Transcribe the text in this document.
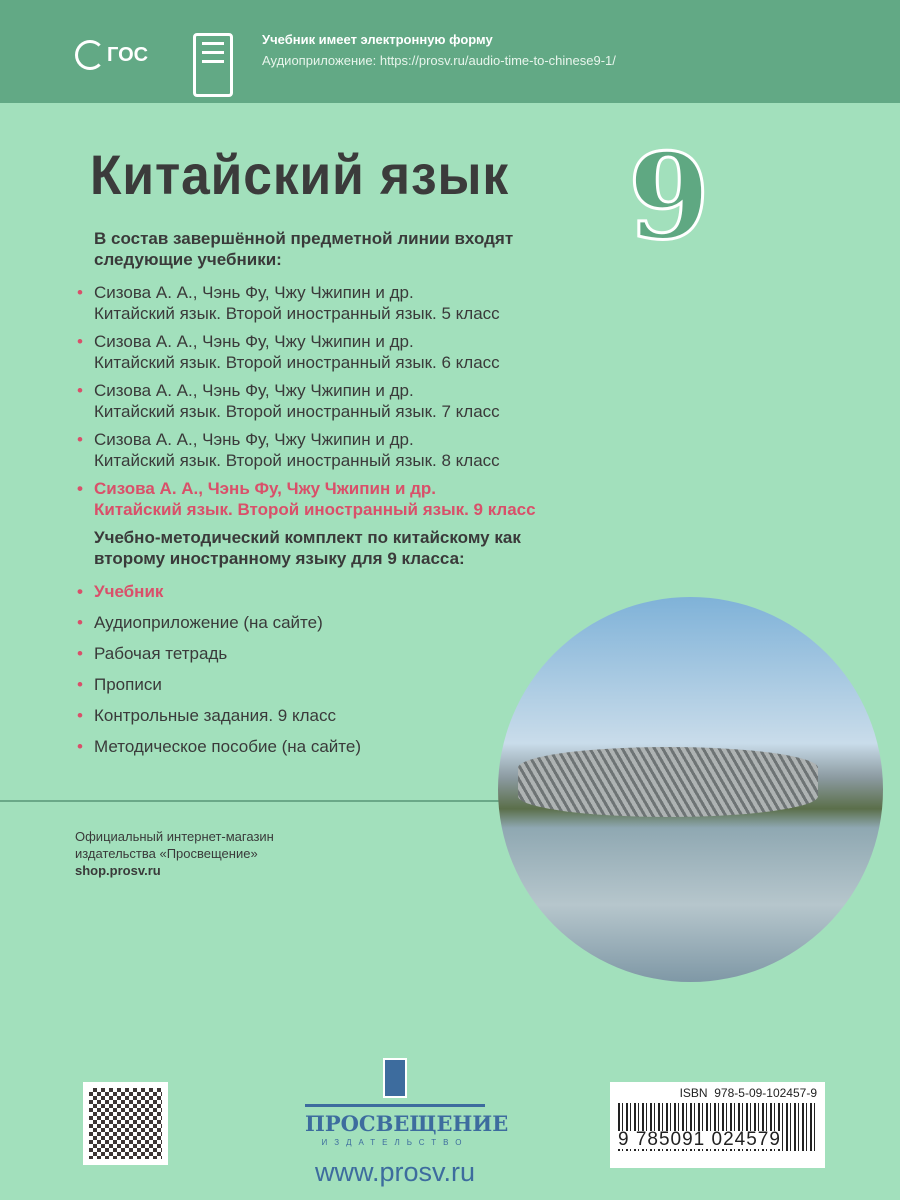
ГОС
Учебник имеет электронную форму
Аудиоприложение: https://prosv.ru/audio-time-to-chinese9-1/
Китайский язык 9
В состав завершённой предметной линии входят следующие учебники:
• Сизова А. А., Чэнь Фу, Чжу Чжипин и др.
Китайский язык. Второй иностранный язык. 5 класс
• Сизова А. А., Чэнь Фу, Чжу Чжипин и др.
Китайский язык. Второй иностранный язык. 6 класс
• Сизова А. А., Чэнь Фу, Чжу Чжипин и др.
Китайский язык. Второй иностранный язык. 7 класс
• Сизова А. А., Чэнь Фу, Чжу Чжипин и др.
Китайский язык. Второй иностранный язык. 8 класс
• Сизова А. А., Чэнь Фу, Чжу Чжипин и др.
Китайский язык. Второй иностранный язык. 9 класс
Учебно-методический комплект по китайскому как второму иностранному языку для 9 класса:
• Учебник
• Аудиоприложение (на сайте)
• Рабочая тетрадь
• Прописи
• Контрольные задания. 9 класс
• Методическое пособие (на сайте)
Официальный интернет-магазин
издательства «Просвещение»
shop.prosv.ru
ПРОСВЕЩЕНИЕ
ИЗДАТЕЛЬСТВО
www.prosv.ru
ISBN  978-5-09-102457-9
9 785091 024579
